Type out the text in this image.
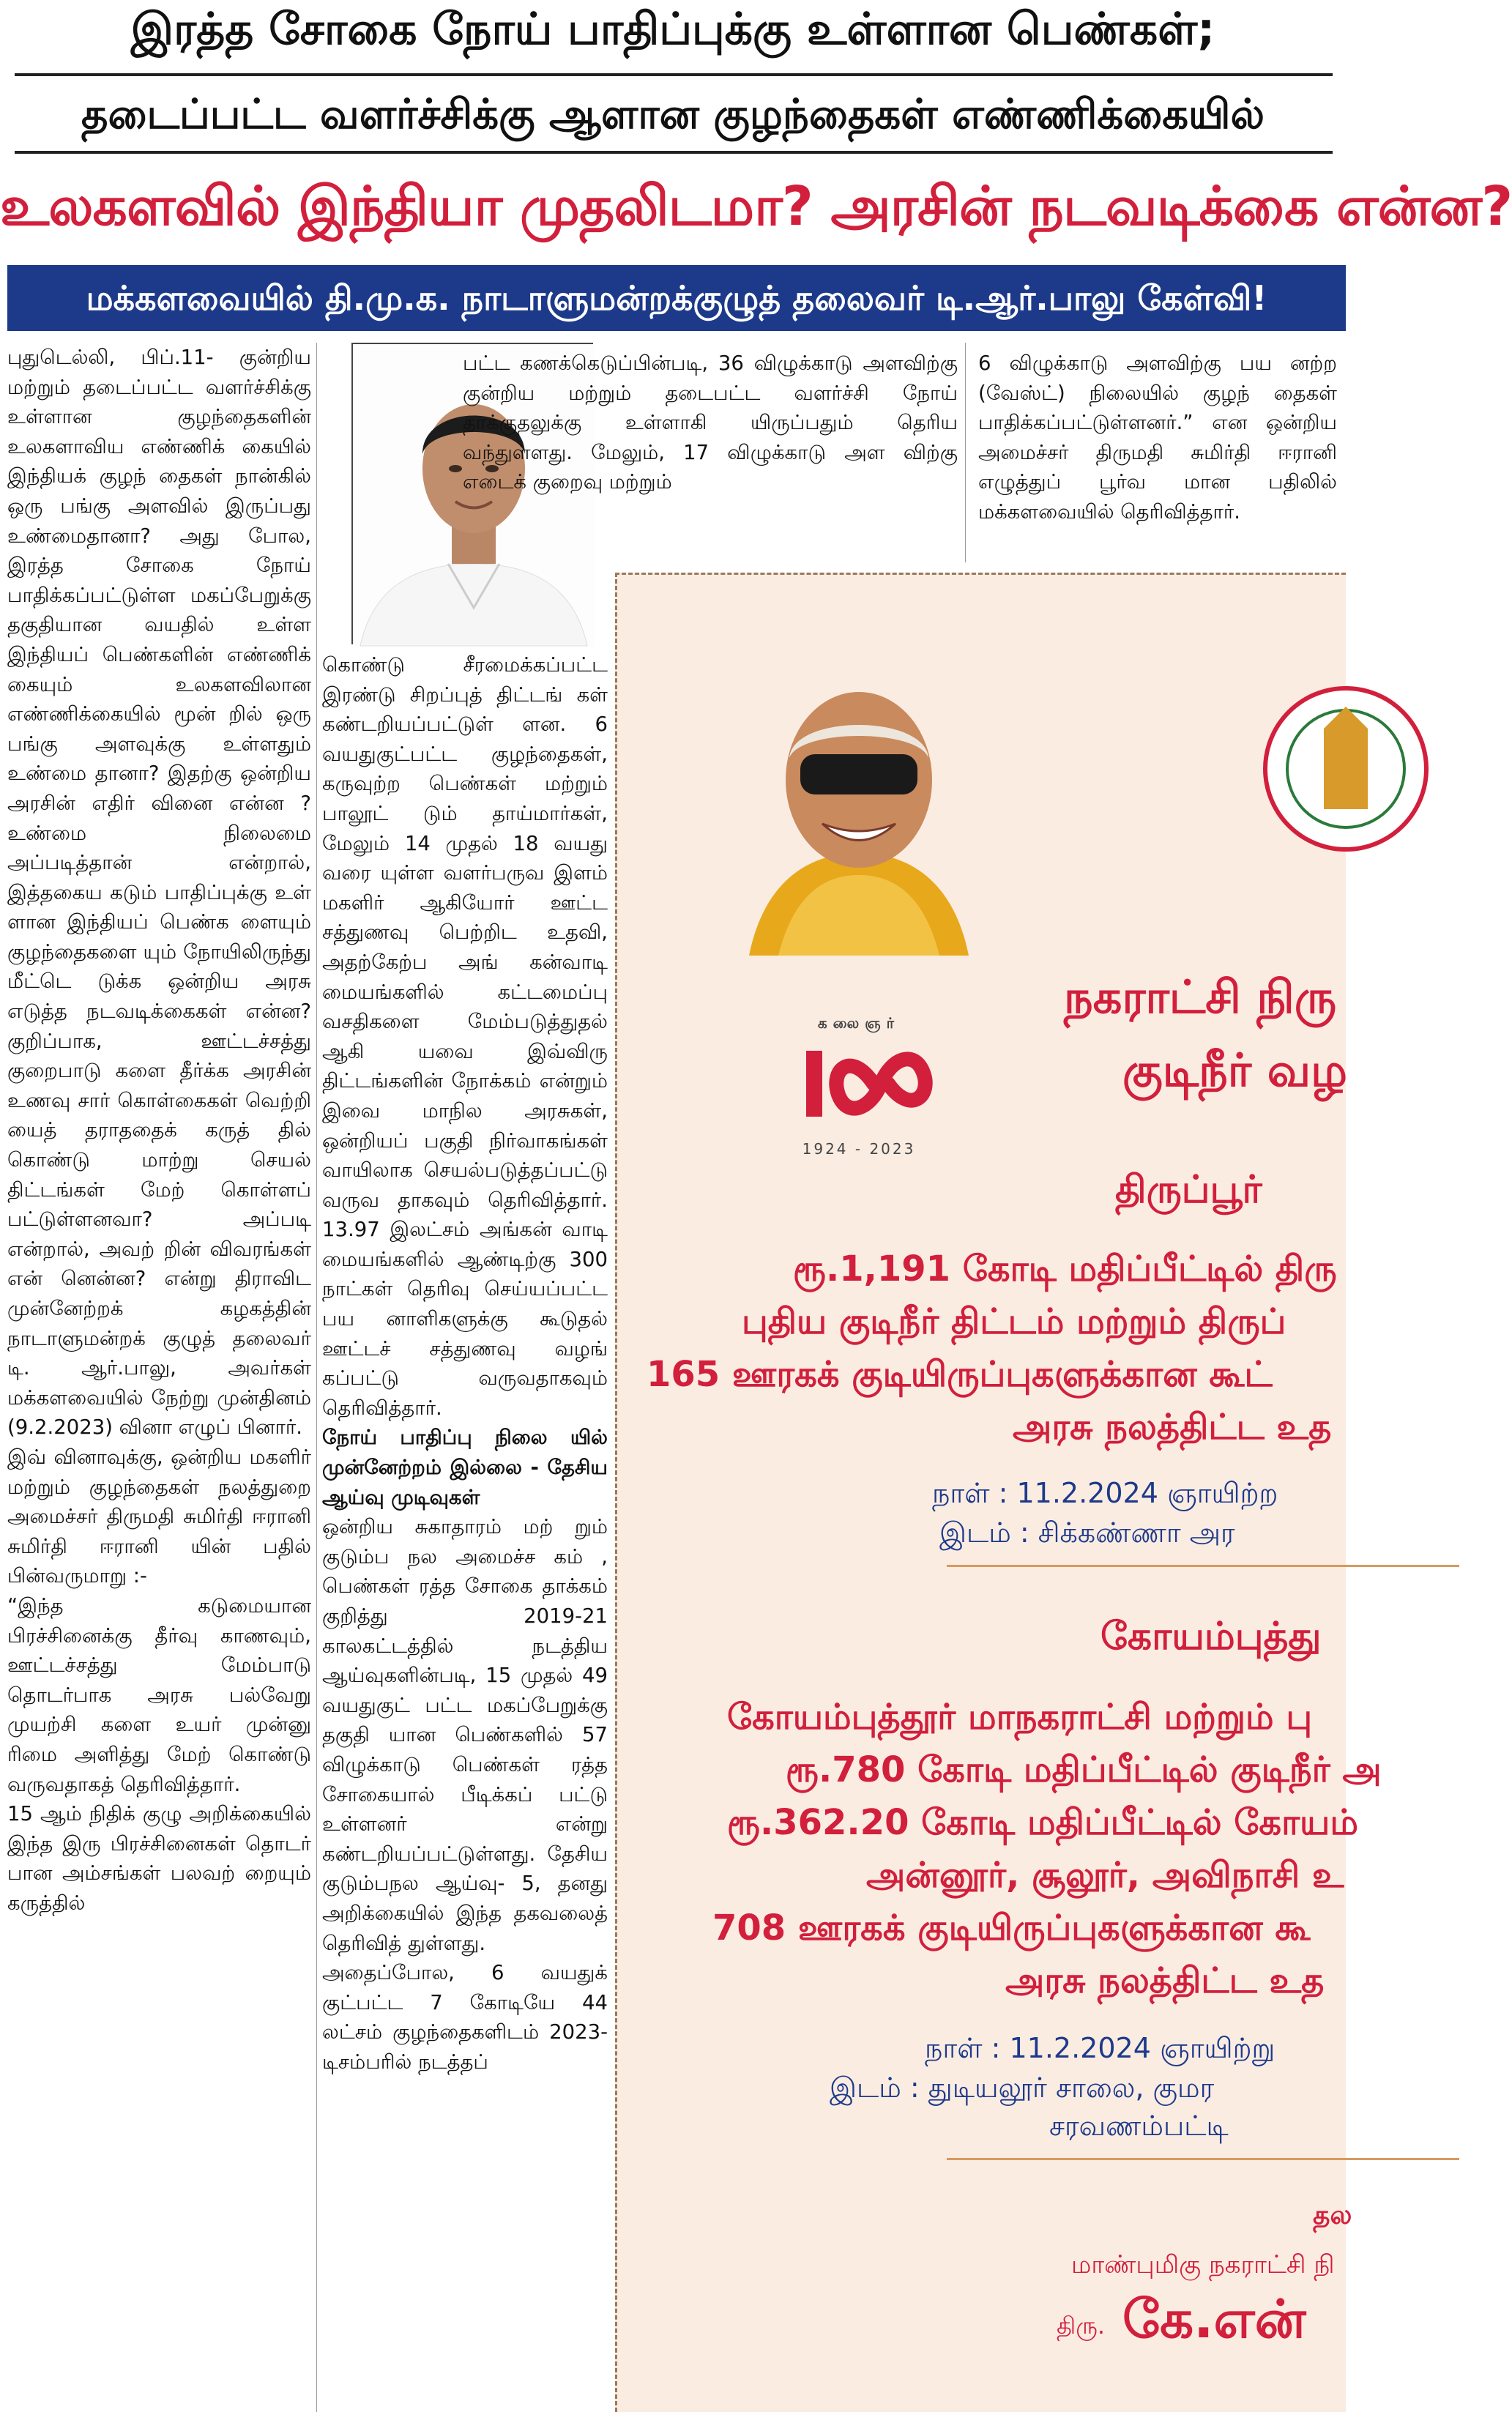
இரத்த சோகை நோய் பாதிப்புக்கு உள்ளான பெண்கள்;
தடைப்பட்ட வளர்ச்சிக்கு ஆளான குழந்தைகள் எண்ணிக்கையில்
உலகளவில் இந்தியா முதலிடமா? அரசின் நடவடிக்கை என்ன?
மக்களவையில் தி.மு.க. நாடாளுமன்றக்குழுத் தலைவர் டி.ஆர்.பாலு கேள்வி!

புதுடெல்லி, பிப்.11- குன்றிய மற்றும் தடைப்பட்ட வளர்ச்சிக்கு உள்ளான குழந்தைகளின் உலகளாவிய எண்ணிக் கையில் இந்தியக் குழந் தைகள் நான்கில் ஒரு பங்கு அளவில் இருப்பது உண்மைதானா? அது போல, இரத்த சோகை நோய் பாதிக்கப்பட்டுள்ள மகப்பேறுக்கு தகுதியான வயதில் உள்ள இந்தியப் பெண்களின் எண்ணிக் கையும் உலகளவிலான எண்ணிக்கையில் மூன் றில் ஒரு பங்கு அளவுக்கு உள்ளதும் உண்மை தானா? இதற்கு ஒன்றிய அரசின் எதிர் வினை என்ன ? உண்மை நிலைமை அப்படித்தான் என்றால், இத்தகைய கடும் பாதிப்புக்கு உள் ளான இந்தியப் பெண்க ளையும் குழந்தைகளை யும் நோயிலிருந்து மீட்டெ டுக்க ஒன்றிய அரசு எடுத்த நடவடிக்கைகள் என்ன? குறிப்பாக, ஊட்டச்சத்து குறைபாடு களை தீர்க்க அரசின் உணவு சார் கொள்கைகள் வெற்றி யைத் தராததைக் கருத் தில் கொண்டு மாற்று செயல் திட்டங்கள் மேற் கொள்ளப் பட்டுள்ளனவா? அப்படி என்றால், அவற் றின் விவரங்கள் என் னென்ன? என்று திராவிட முன்னேற்றக் கழகத்தின் நாடாளுமன்றக் குழுத் தலைவர் டி. ஆர்.பாலு, அவர்கள் மக்களவையில் நேற்று முன்தினம் (9.2.2023) வினா எழுப் பினார்.

இவ் வினாவுக்கு, ஒன்றிய மகளிர் மற்றும் குழந்தைகள் நலத்துறை அமைச்சர் திருமதி சுமிர்தி ஈரானி சுமிர்தி ஈரானி யின் பதில் பின்வருமாறு :-

“இந்த கடுமையான பிரச்சினைக்கு தீர்வு காணவும், ஊட்டச்சத்து மேம்பாடு தொடர்பாக அரசு பல்வேறு முயற்சி களை உயர் முன்னு ரிமை அளித்து மேற் கொண்டு வருவதாகத் தெரிவித்தார்.

15 ஆம் நிதிக் குழு அறிக்கையில் இந்த இரு பிரச்சினைகள் தொடர் பான அம்சங்கள் பலவற் றையும் கருத்தில்

கொண்டு சீரமைக்கப்பட்ட இரண்டு சிறப்புத் திட்டங் கள் கண்டறியப்பட்டுள் ளன. 6 வயதுகுட்பட்ட குழந்தைகள், கருவுற்ற பெண்கள் மற்றும் பாலூட் டும் தாய்மார்கள், மேலும் 14 முதல் 18 வயது வரை யுள்ள வளர்பருவ இளம் மகளிர் ஆகியோர் ஊட்ட சத்துணவு பெற்றிட உதவி, அதற்கேற்ப அங் கன்வாடி மையங்களில் கட்டமைப்பு வசதிகளை மேம்படுத்துதல் ஆகி யவை இவ்விரு திட்டங்களின் நோக்கம் என்றும் இவை மாநில அரசுகள், ஒன்றியப் பகுதி நிர்வாகங்கள் வாயிலாக செயல்படுத்தப்பட்டு வருவ தாகவும் தெரிவித்தார். 13.97 இலட்சம் அங்கன் வாடி மையங்களில் ஆண்டிற்கு 300 நாட்கள் தெரிவு செய்யப்பட்ட பய னாளிகளுக்கு கூடுதல் ஊட்டச் சத்துணவு வழங் கப்பட்டு வருவதாகவும் தெரிவித்தார்.

நோய் பாதிப்பு நிலை யில் முன்னேற்றம் இல்லை - தேசிய ஆய்வு முடிவுகள்

ஒன்றிய சுகாதாரம் மற் றும் குடும்ப நல அமைச்ச கம் , பெண்கள் ரத்த சோகை தாக்கம் குறித்து 2019-21 காலகட்டத்தில் நடத்திய ஆய்வுகளின்படி, 15 முதல் 49 வயதுகுட் பட்ட மகப்பேறுக்கு தகுதி யான பெண்களில் 57 விழுக்காடு பெண்கள் ரத்த சோகையால் பீடிக்கப் பட்டு உள்ளனர் என்று கண்டறியப்பட்டுள்ளது. தேசிய குடும்பநல ஆய்வு- 5, தனது அறிக்கையில் இந்த தகவலைத் தெரிவித் துள்ளது.

அதைப்போல, 6 வயதுக் குட்பட்ட 7 கோடியே 44 லட்சம் குழந்தைகளிடம் 2023-டிசம்பரில் நடத்தப்

பட்ட கணக்கெடுப்பின்படி, 36 விழுக்காடு அளவிற்கு குன்றிய மற்றும் தடைபட்ட வளர்ச்சி நோய் தாக்குதலுக்கு உள்ளாகி யிருப்பதும் தெரிய வந்துள்ளது. மேலும், 17 விழுக்காடு அள விற்கு எடைக் குறைவு மற்றும்

6 விழுக்காடு அளவிற்கு பய னற்ற (வேஸ்ட்) நிலையில் குழந் தைகள் பாதிக்கப்பட்டுள்ளனர்.” என ஒன்றிய அமைச்சர் திருமதி சுமிர்தி ஈரானி எழுத்துப் பூர்வ மான பதிலில் மக்களவையில் தெரிவித்தார்.

கலைஞர்
1924 - 2023
நகராட்சி நிரு
குடிநீர் வழ
திருப்பூர்
ரூ.1,191 கோடி மதிப்பீட்டில் திரு
புதிய குடிநீர் திட்டம் மற்றும் திருப்
165 ஊரகக் குடியிருப்புகளுக்கான கூட்
அரசு நலத்திட்ட உத
நாள் : 11.2.2024 ஞாயிற்ற
இடம் : சிக்கண்ணா அர
கோயம்புத்து
கோயம்புத்தூர் மாநகராட்சி மற்றும் பு
ரூ.780 கோடி மதிப்பீட்டில் குடிநீர் அ
ரூ.362.20 கோடி மதிப்பீட்டில் கோயம்
அன்னூர், சூலூர், அவிநாசி உ
708 ஊரகக் குடியிருப்புகளுக்கான கூ
அரசு நலத்திட்ட உத
நாள் : 11.2.2024 ஞாயிற்று
இடம் : துடியலூர் சாலை, குமர
சரவணம்பட்டி
தல
மாண்புமிகு நகராட்சி நி
திரு. கே.என்
